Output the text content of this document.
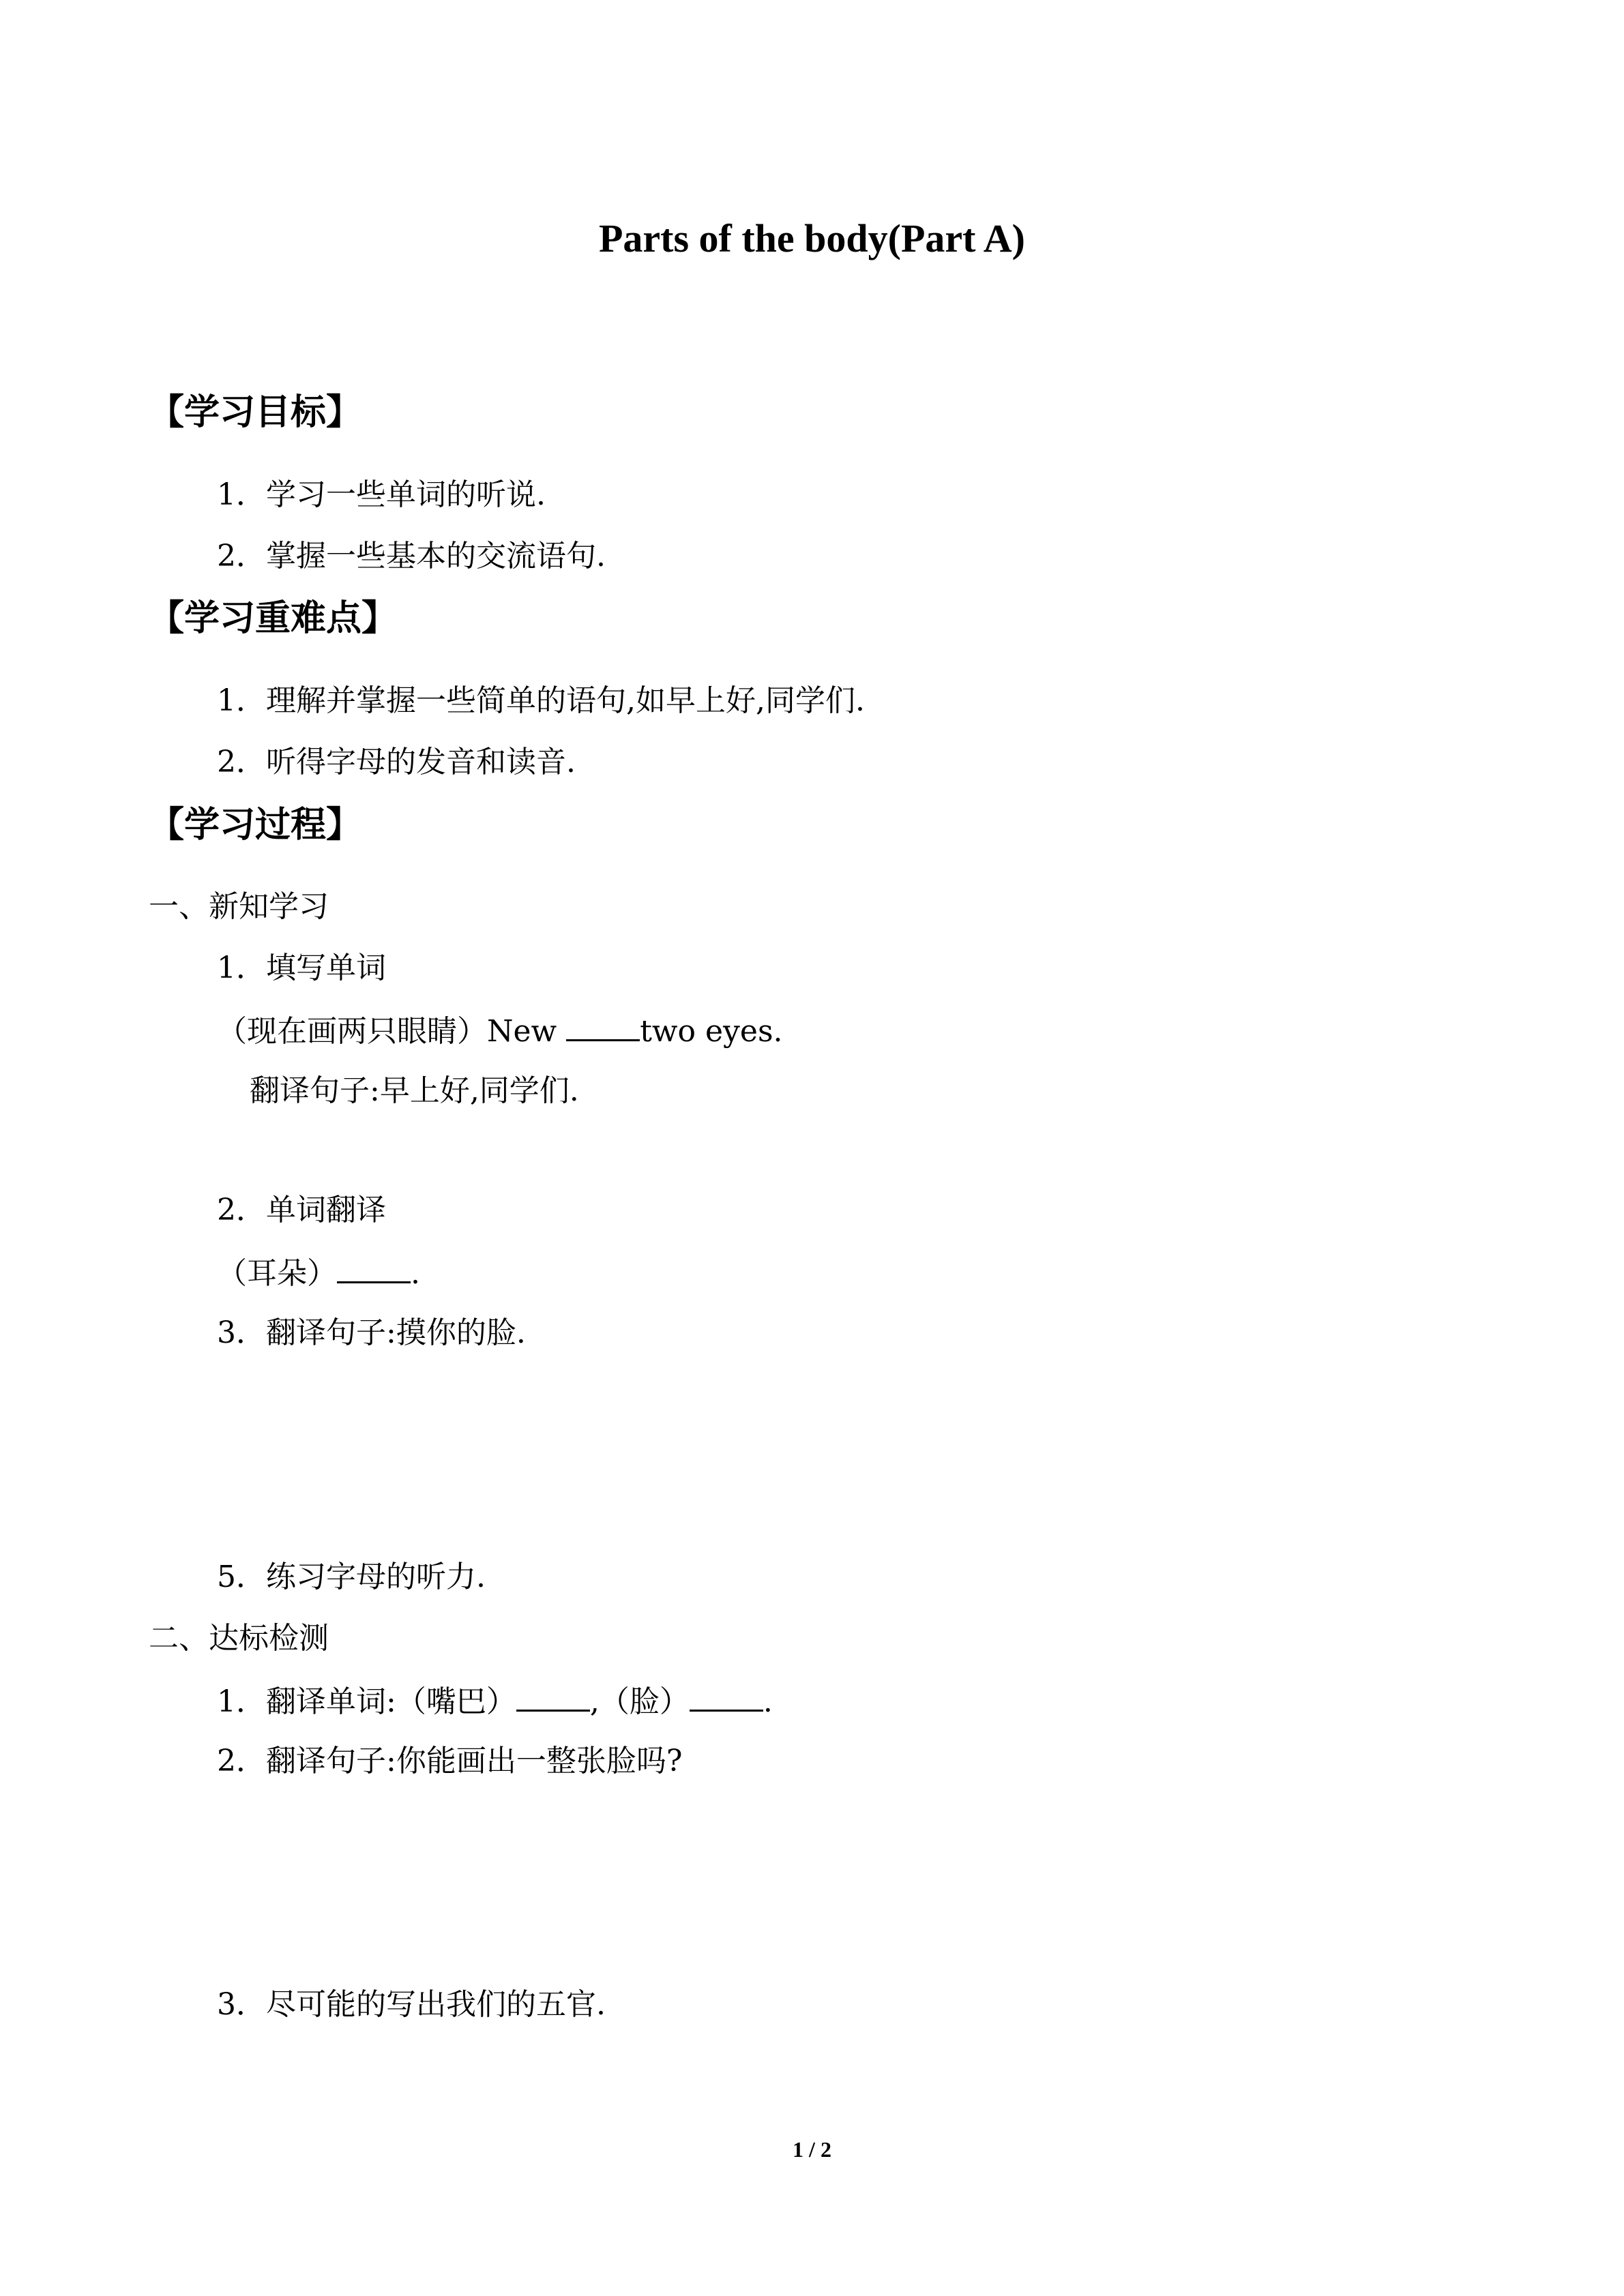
Parts of the body(Part A)
【学习目标】
1．学习一些单词的听说.
2．掌握一些基本的交流语句.
【学习重难点】
1．理解并掌握一些简单的语句,如早上好,同学们.
2．听得字母的发音和读音.
【学习过程】
一、新知学习
1．填写单词
（现在画两只眼睛）New two eyes.
翻译句子:早上好,同学们.
2．单词翻译
（耳朵） .
3．翻译句子:摸你的脸.
5．练习字母的听力.
二、达标检测
1．翻译单词:（嘴巴） ,（脸） .
2．翻译句子:你能画出一整张脸吗?
3．尽可能的写出我们的五官.
1 / 2
